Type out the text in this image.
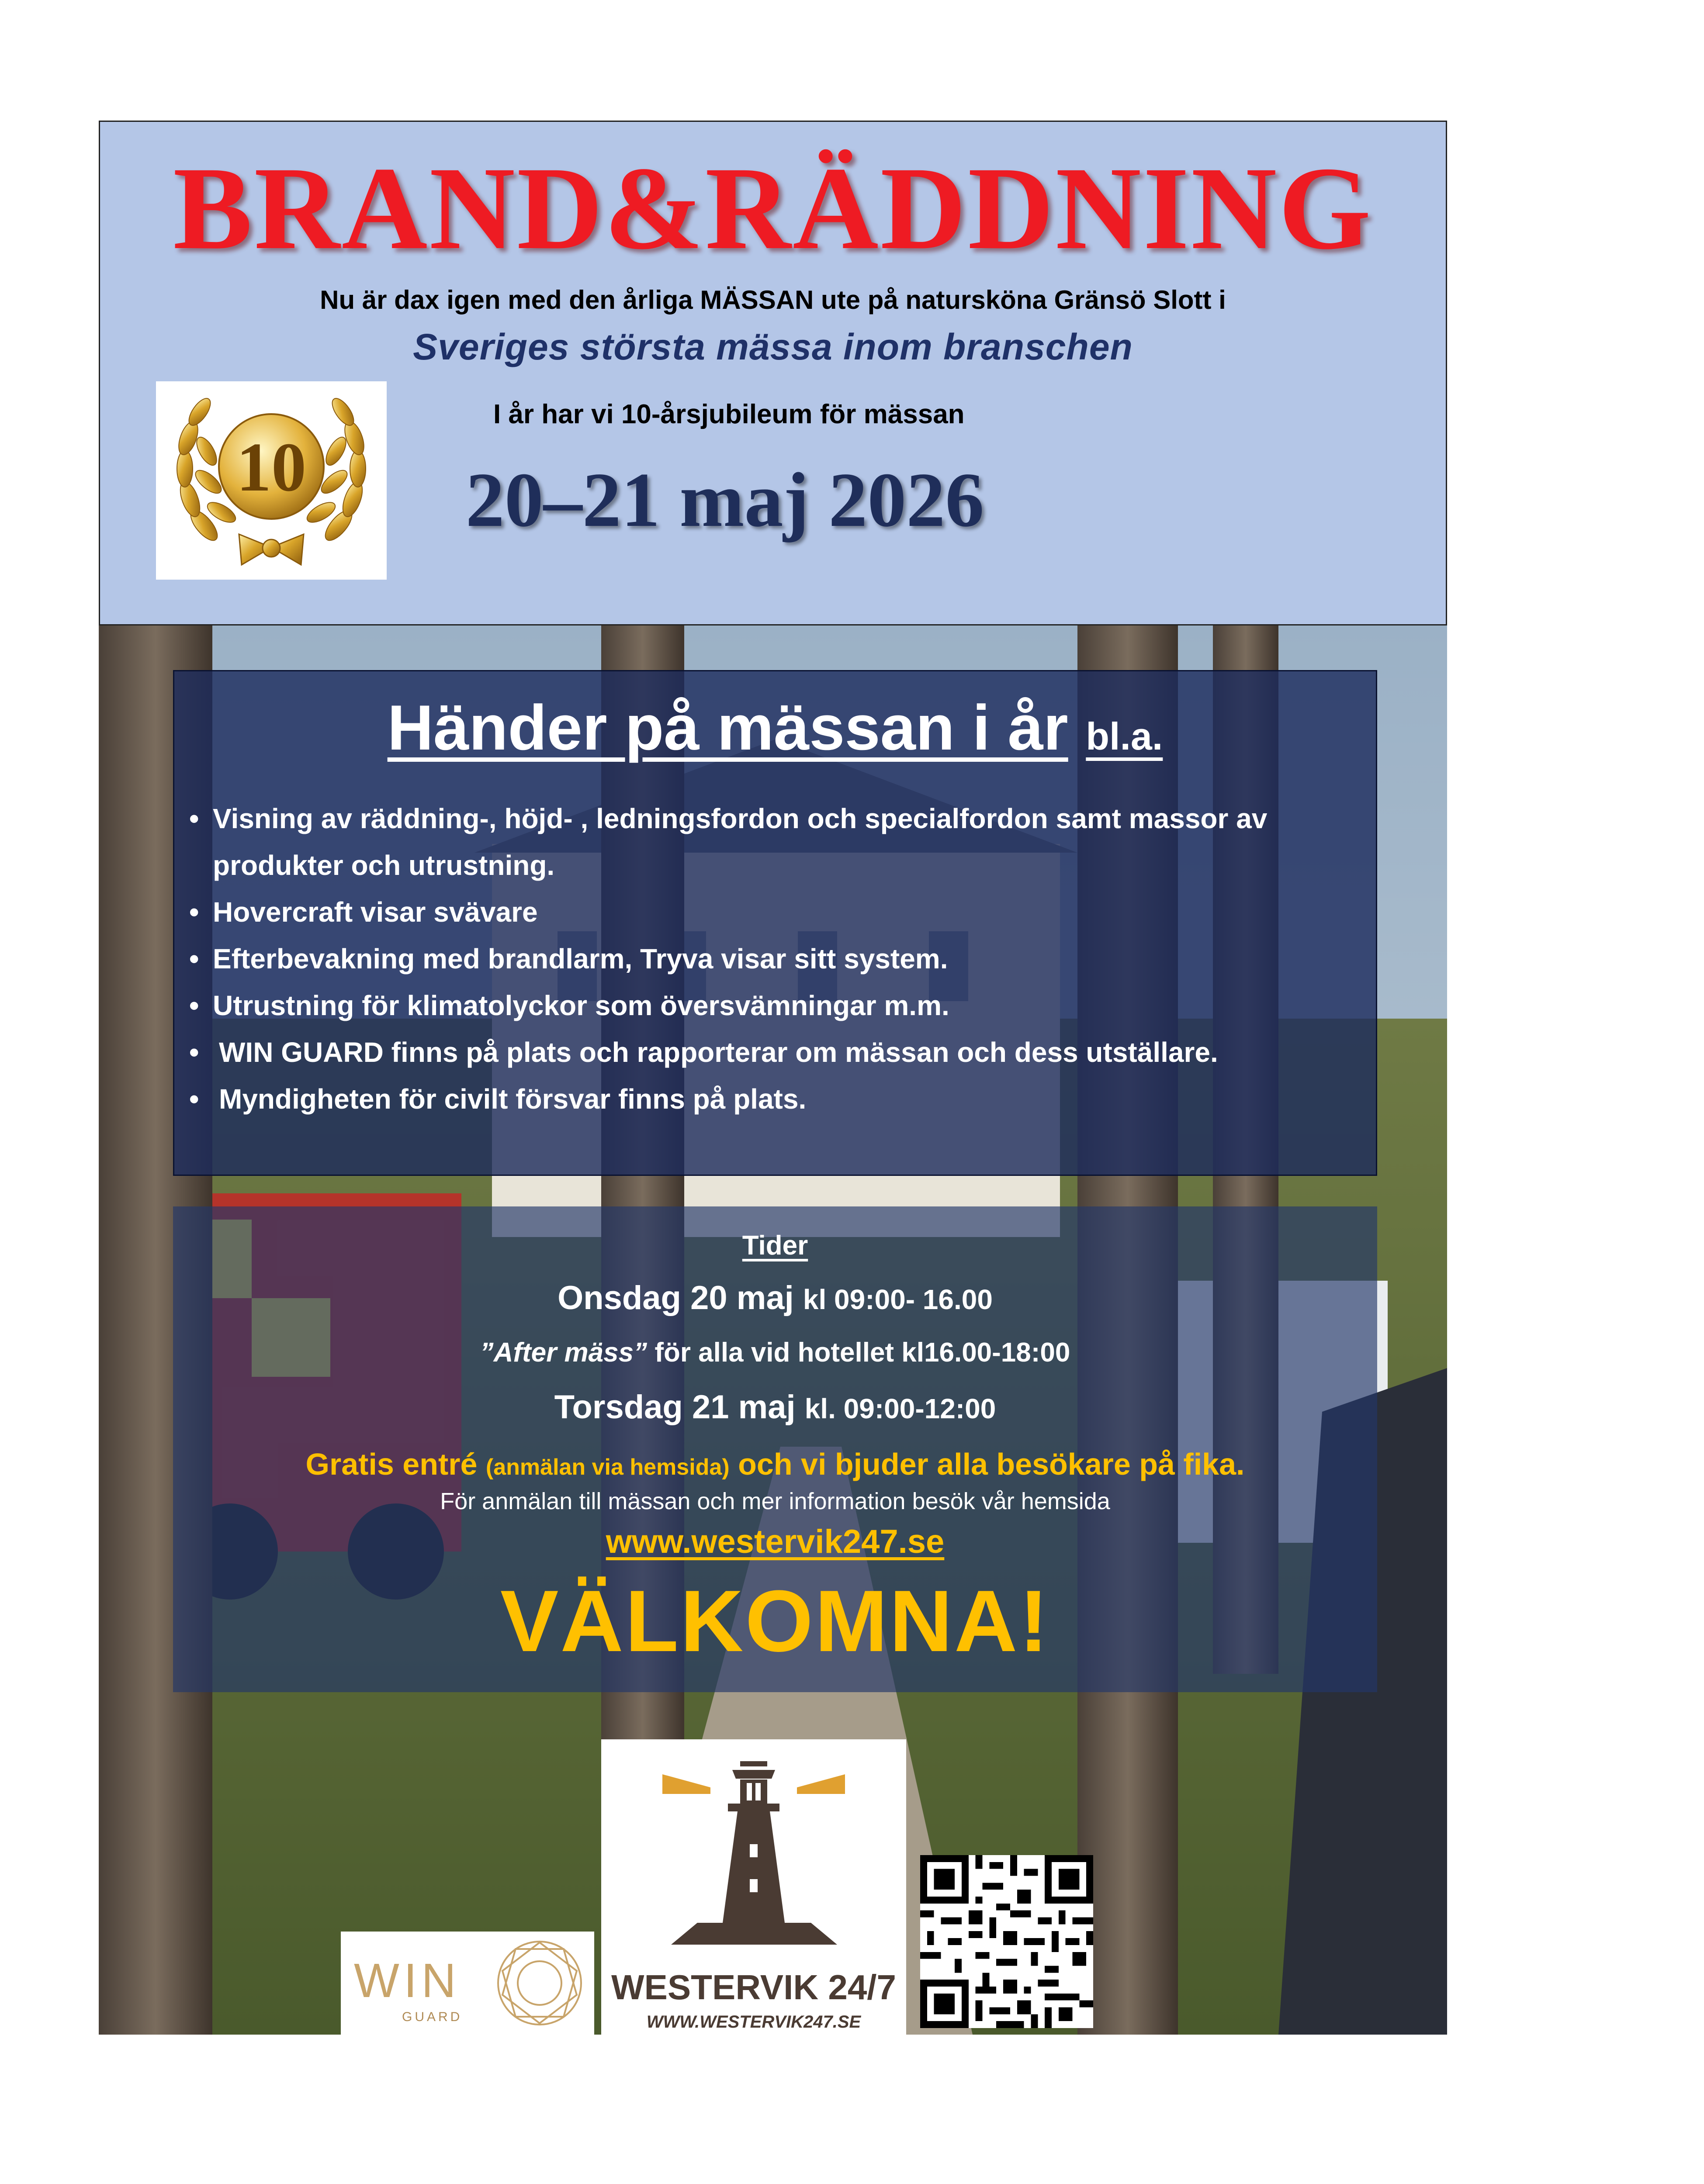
BRAND&RÄDDNING
Nu är dax igen med den årliga MÄSSAN ute på natursköna Gränsö Slott i
Sveriges största mässa inom branschen
10
I år har vi 10-årsjubileum för mässan
20–21 maj 2026
Händer på mässan i år bl.a.
• Visning av räddning-, höjd- , ledningsfordon och specialfordon samt massor av produkter och utrustning.
• Hovercraft visar svävare
• Efterbevakning med brandlarm, Tryva visar sitt system.
• Utrustning för klimatolyckor som översvämningar m.m.
• WIN GUARD finns på plats och rapporterar om mässan och dess utställare.
• Myndigheten för civilt försvar finns på plats.
Tider
Onsdag 20 maj kl 09:00- 16.00
”After mäss” för alla vid hotellet kl16.00-18:00
Torsdag 21 maj kl. 09:00-12:00
Gratis entré (anmälan via hemsida) och vi bjuder alla besökare på fika.
För anmälan till mässan och mer information besök vår hemsida
www.westervik247.se
VÄLKOMNA!
WIN
GUARD
WESTERVIK 24/7
WWW.WESTERVIK247.SE
